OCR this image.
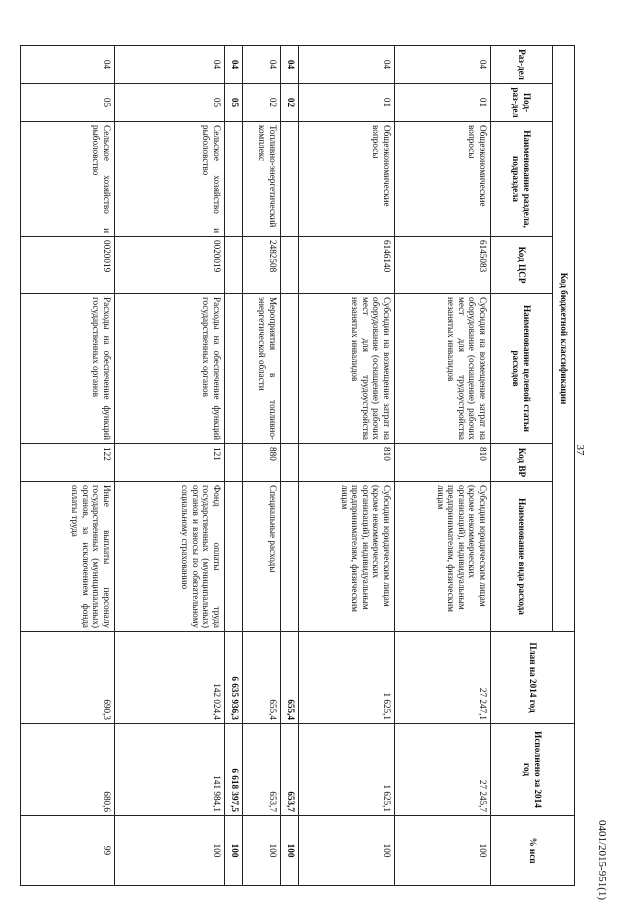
37
0401/2015-951(1)
Код бюджетной классификации							План на 2014 год	Исполнено за 2014 год	% исп
Раз-дел	Под-раз-дел	Наименование раздела, подраздела	Код ЦСР	Наименование целевой статьи расходов	Код ВР	Наименование вида расхода			
04	01	Общеэкономические вопросы	6145083	Субсидия на возмещение затрат на оборудование (оснащение) рабочих мест для трудоустройства незанятых инвалидов	810	Субсидии юридическим лицам (кроме некоммерческих организаций), индивидуальным предпринимателям, физическим лицам	27 247,1	27 245,7	100
04	01	Общеэкономические вопросы	6146140	Субсидии на возмещение затрат на оборудование (оснащение) рабочих мест для трудоустройства незанятых инвалидов	810	Субсидии юридическим лицам (кроме некоммерческих организаций), индивидуальным предпринимателям, физическим лицам	1 625,1	1 625,1	100
04	02						655,4	653,7	100
04	02	Топливно-энергетический комплекс	2482508	Мероприятия в топливно-энергетической области	880	Специальные расходы	655,4	653,7	100
04	05						6 635 936,3	6 618 397,5	100
04	05	Сельское хозяйство и рыболовство	0020019	Расходы на обеспечение функций государственных органов	121	Фонд оплаты труда государственных (муниципальных) органов и взносы по обязательному социальному страхованию	142 024,4	141 984,1	100
04	05	Сельское хозяйство и рыболовство	0020019	Расходы на обеспечение функций государственных органов	122	Иные выплаты персоналу государственных (муниципальных) органов, за исключением фонда оплаты труда	690,3	680,6	99
